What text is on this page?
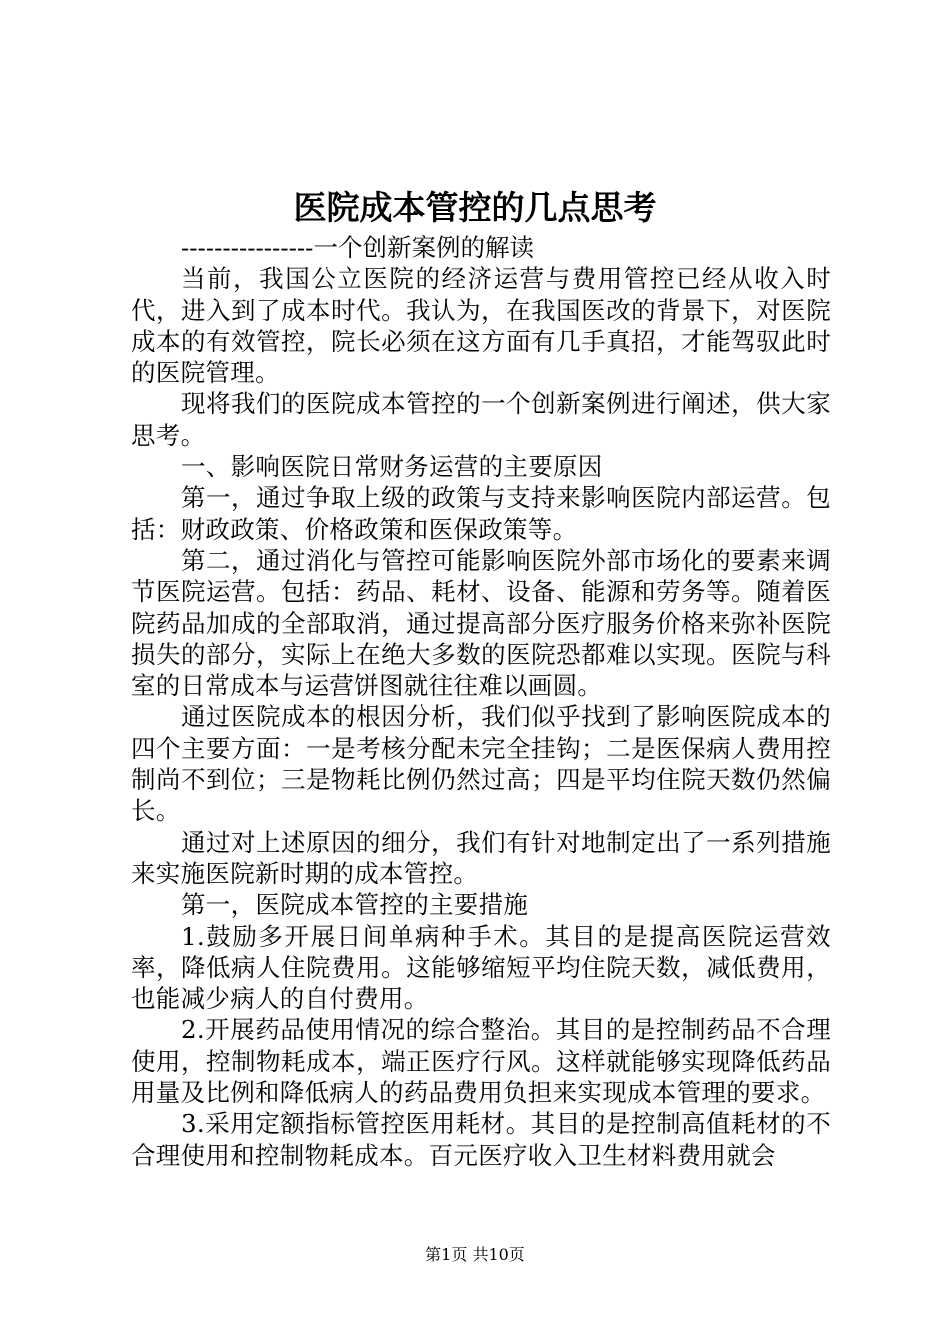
医院成本管控的几点思考

----------------一个创新案例的解读

当前，我国公立医院的经济运营与费用管控已经从收入时代，进入到了成本时代。我认为，在我国医改的背景下，对医院成本的有效管控，院长必须在这方面有几手真招，才能驾驭此时的医院管理。

现将我们的医院成本管控的一个创新案例进行阐述，供大家思考。

一、影响医院日常财务运营的主要原因

第一，通过争取上级的政策与支持来影响医院内部运营。包括：财政政策、价格政策和医保政策等。

第二，通过消化与管控可能影响医院外部市场化的要素来调节医院运营。包括：药品、耗材、设备、能源和劳务等。随着医院药品加成的全部取消，通过提高部分医疗服务价格来弥补医院损失的部分，实际上在绝大多数的医院恐都难以实现。医院与科室的日常成本与运营饼图就往往难以画圆。

通过医院成本的根因分析，我们似乎找到了影响医院成本的四个主要方面：一是考核分配未完全挂钩；二是医保病人费用控制尚不到位；三是物耗比例仍然过高；四是平均住院天数仍然偏长。

通过对上述原因的细分，我们有针对地制定出了一系列措施来实施医院新时期的成本管控。

第一，医院成本管控的主要措施

1.鼓励多开展日间单病种手术。其目的是提高医院运营效率，降低病人住院费用。这能够缩短平均住院天数，减低费用，也能减少病人的自付费用。

2.开展药品使用情况的综合整治。其目的是控制药品不合理使用，控制物耗成本，端正医疗行风。这样就能够实现降低药品用量及比例和降低病人的药品费用负担来实现成本管理的要求。

3.采用定额指标管控医用耗材。其目的是控制高值耗材的不合理使用和控制物耗成本。百元医疗收入卫生材料费用就会

第1页 共10页
